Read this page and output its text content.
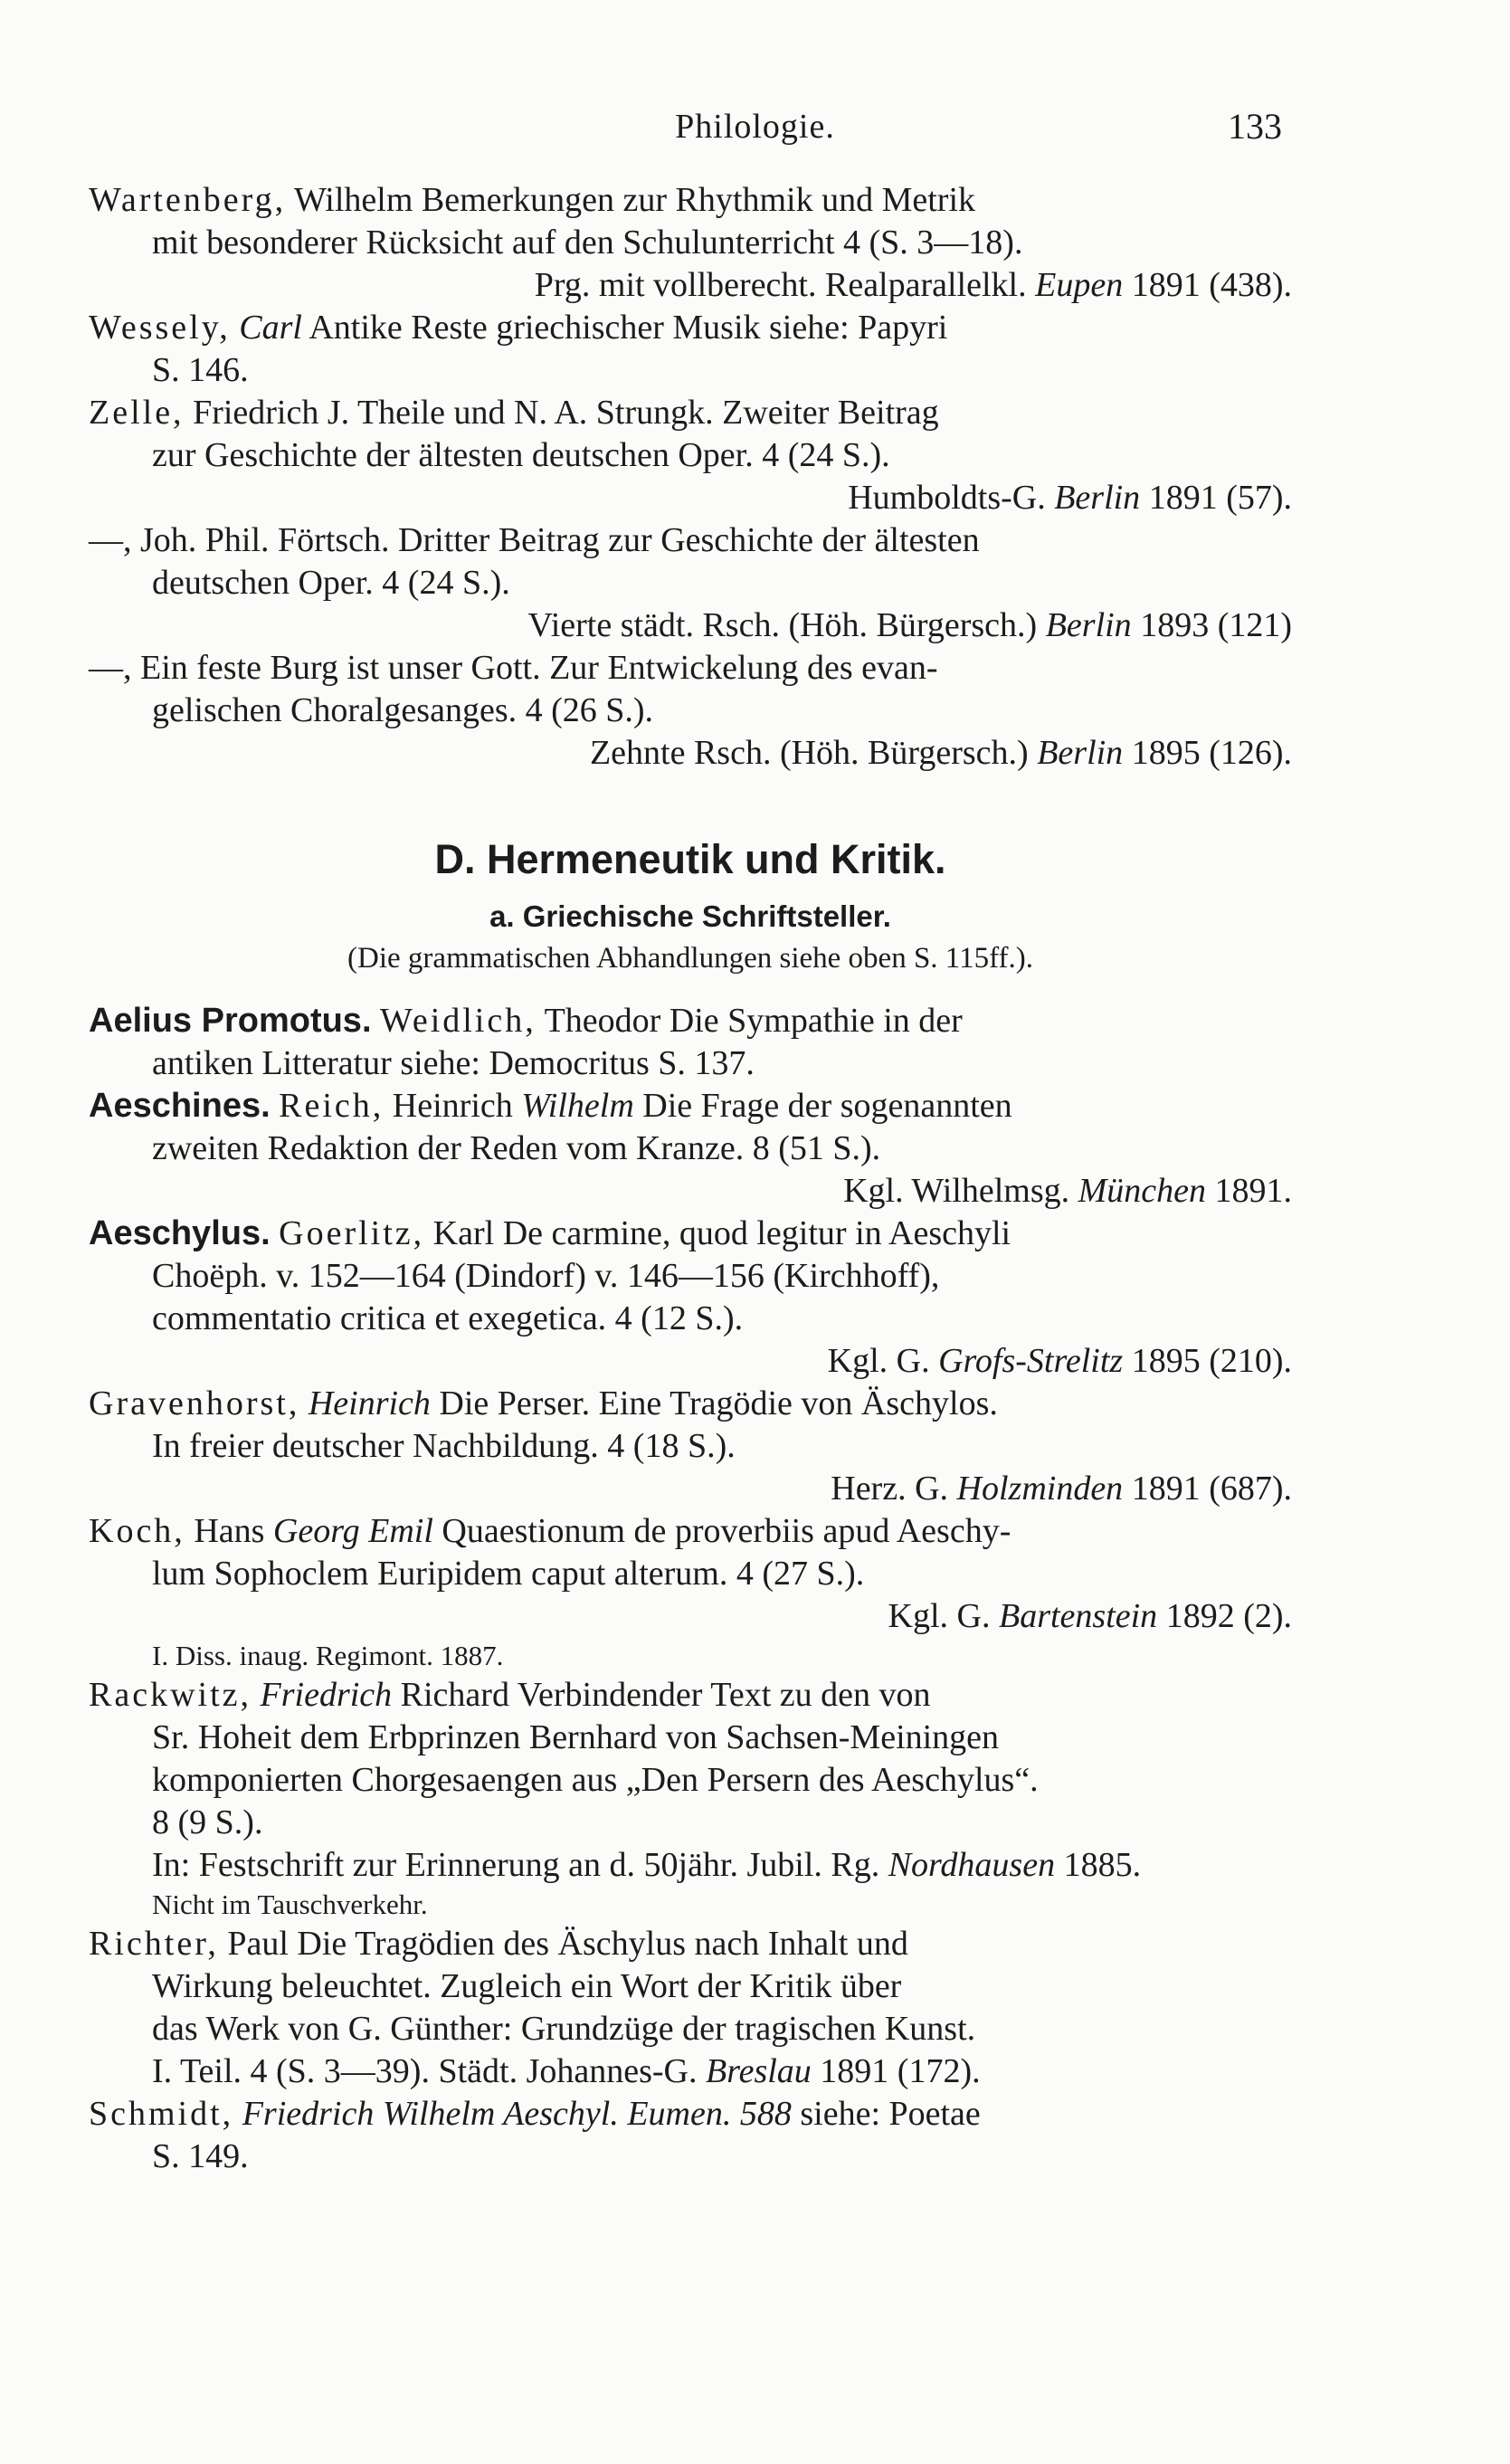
Philologie.	133

Wartenberg, Wilhelm Bemerkungen zur Rhythmik und Metrik

mit besonderer Rücksicht auf den Schulunterricht 4 (S. 3—18).

Prg. mit vollberecht. Realparallelkl. Eupen 1891 (438).

Wessely, Carl Antike Reste griechischer Musik siehe: Papyri

S. 146.

Zelle, Friedrich J. Theile und N. A. Strungk. Zweiter Beitrag

zur Geschichte der ältesten deutschen Oper. 4 (24 S.).

Humboldts-G. Berlin 1891 (57).

—, Joh. Phil. Förtsch. Dritter Beitrag zur Geschichte der ältesten

deutschen Oper. 4 (24 S.).

Vierte städt. Rsch. (Höh. Bürgersch.) Berlin 1893 (121)

—, Ein feste Burg ist unser Gott. Zur Entwickelung des evan-

gelischen Choralgesanges. 4 (26 S.).

Zehnte Rsch. (Höh. Bürgersch.) Berlin 1895 (126).

D. Hermeneutik und Kritik.
a. Griechische Schriftsteller.
(Die grammatischen Abhandlungen siehe oben S. 115ff.).

Aelius Promotus. Weidlich, Theodor Die Sympathie in der

antiken Litteratur siehe: Democritus S. 137.

Aeschines. Reich, Heinrich Wilhelm Die Frage der sogenannten

zweiten Redaktion der Reden vom Kranze. 8 (51 S.).

Kgl. Wilhelmsg. München 1891.

Aeschylus. Goerlitz, Karl De carmine, quod legitur in Aeschyli

Choëph. v. 152—164 (Dindorf) v. 146—156 (Kirchhoff),

commentatio critica et exegetica. 4 (12 S.).

Kgl. G. Grofs-Strelitz 1895 (210).

Gravenhorst, Heinrich Die Perser. Eine Tragödie von Äschylos.

In freier deutscher Nachbildung. 4 (18 S.).

Herz. G. Holzminden 1891 (687).

Koch, Hans Georg Emil Quaestionum de proverbiis apud Aeschy-

lum Sophoclem Euripidem caput alterum. 4 (27 S.).

Kgl. G. Bartenstein 1892 (2).

I. Diss. inaug. Regimont. 1887.

Rackwitz, Friedrich Richard Verbindender Text zu den von

Sr. Hoheit dem Erbprinzen Bernhard von Sachsen-Meiningen

komponierten Chorgesaengen aus „Den Persern des Aeschylus“.

8 (9 S.).

In: Festschrift zur Erinnerung an d. 50jähr. Jubil. Rg. Nordhausen 1885.

Nicht im Tauschverkehr.

Richter, Paul Die Tragödien des Äschylus nach Inhalt und

Wirkung beleuchtet. Zugleich ein Wort der Kritik über

das Werk von G. Günther: Grundzüge der tragischen Kunst.

I. Teil. 4 (S. 3—39). Städt. Johannes-G. Breslau 1891 (172).

Schmidt, Friedrich Wilhelm Aeschyl. Eumen. 588 siehe: Poetae

S. 149.
